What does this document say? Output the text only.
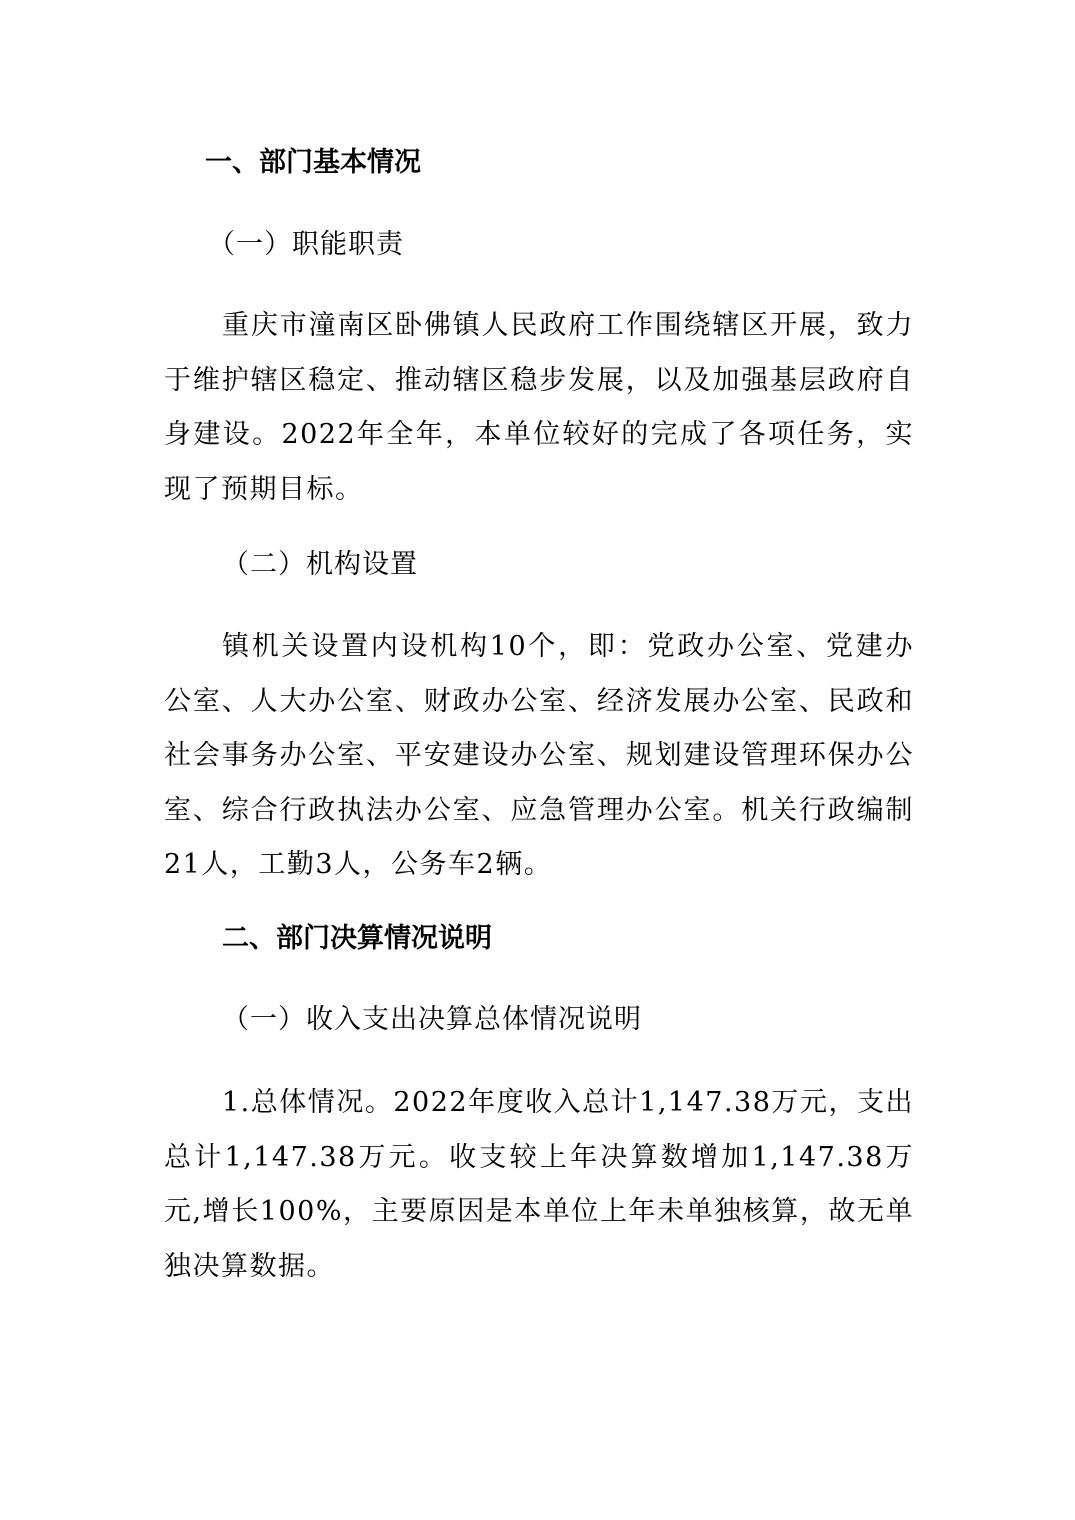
一、部门基本情况
（一）职能职责

重庆市潼南区卧佛镇人民政府工作围绕辖区开展，致力于维护辖区稳定、推动辖区稳步发展，以及加强基层政府自身建设。2022年全年，本单位较好的完成了各项任务，实现了预期目标。

（二）机构设置

镇机关设置内设机构10个，即：党政办公室、党建办公室、人大办公室、财政办公室、经济发展办公室、民政和社会事务办公室、平安建设办公室、规划建设管理环保办公室、综合行政执法办公室、应急管理办公室。机关行政编制21人，工勤3人，公务车2辆。

二、部门决算情况说明
（一）收入支出决算总体情况说明

1.总体情况。2022年度收入总计1,147.38万元，支出总计1,147.38万元。收支较上年决算数增加1,147.38万元,增长100%，主要原因是本单位上年未单独核算，故无单独决算数据。
